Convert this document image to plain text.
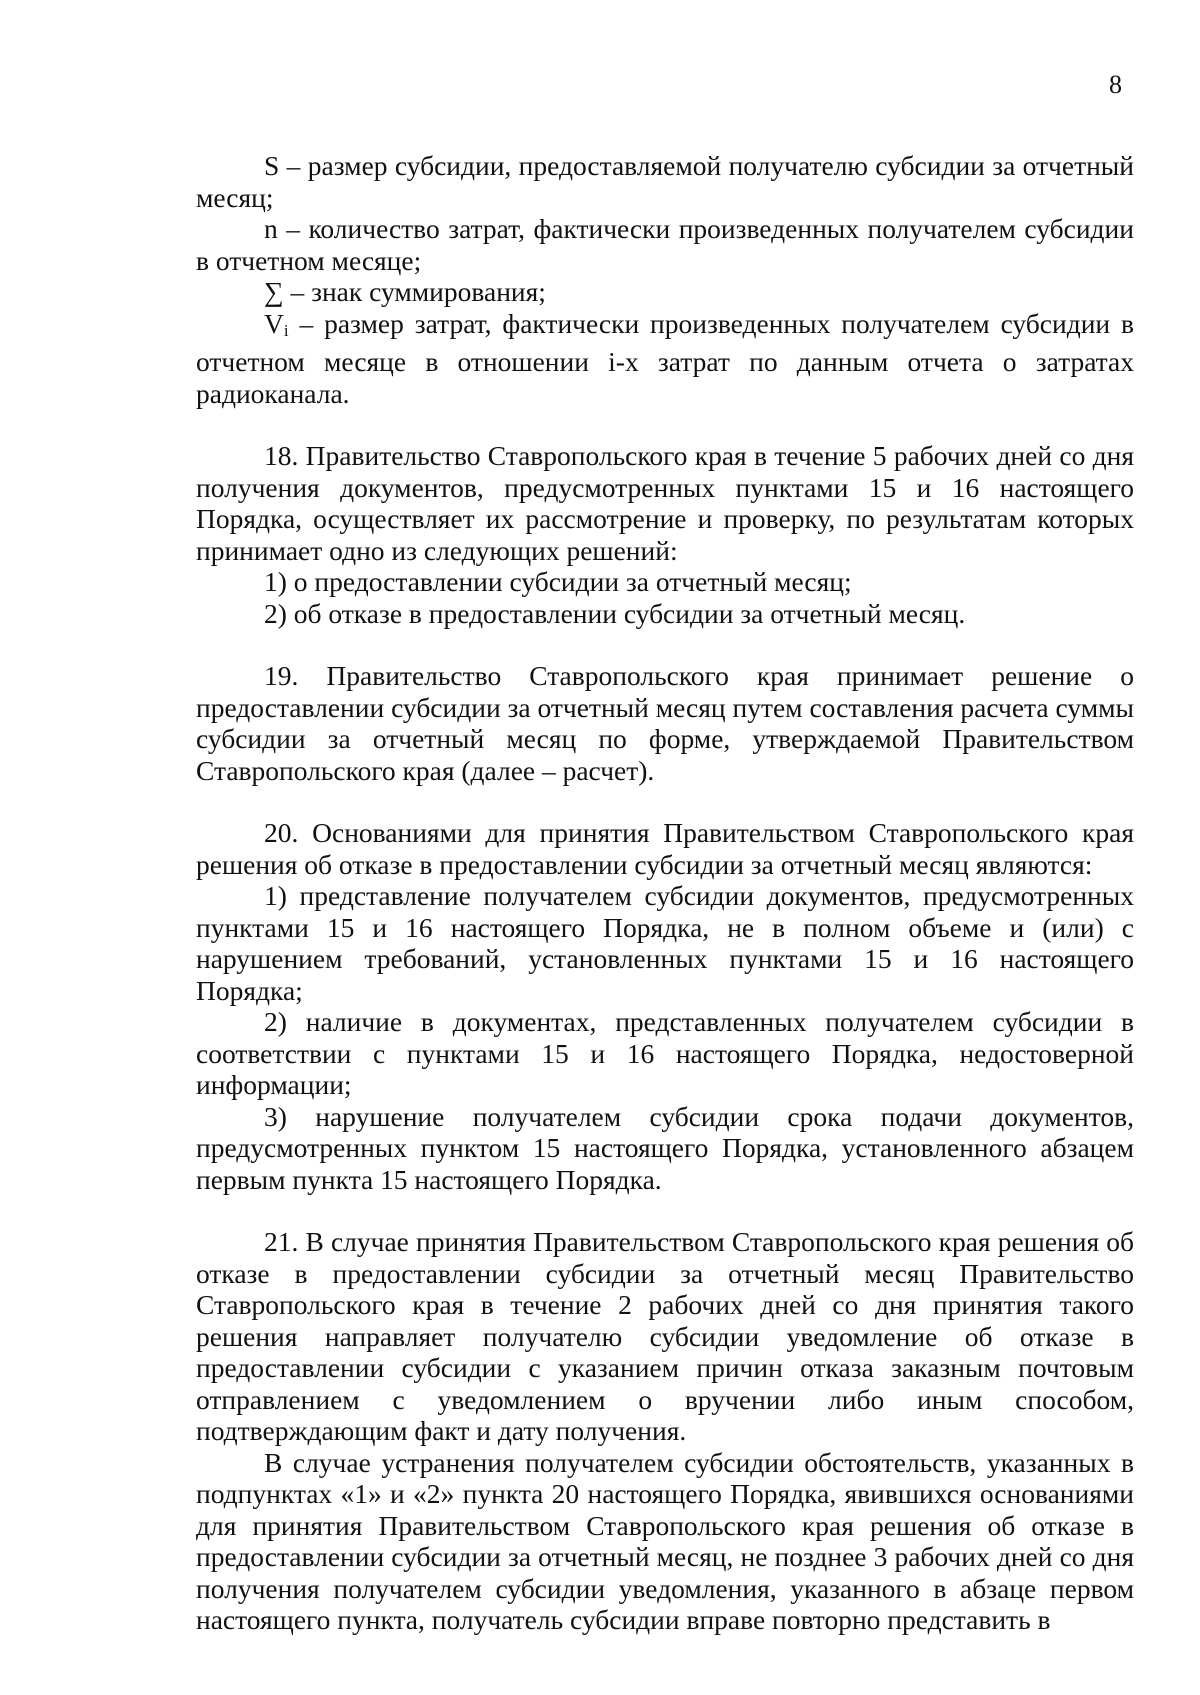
8

S – размер субсидии, предоставляемой получателю субсидии за отчетный месяц;

n – количество затрат, фактически произведенных получателем субсидии в отчетном месяце;

∑ – знак суммирования;

Vi – размер затрат, фактически произведенных получателем субсидии в отчетном месяце в отношении i-х затрат по данным отчета о затратах радиоканала.

18. Правительство Ставропольского края в течение 5 рабочих дней со дня получения документов, предусмотренных пунктами 15 и 16 настоящего Порядка, осуществляет их рассмотрение и проверку, по результатам которых принимает одно из следующих решений:

1) о предоставлении субсидии за отчетный месяц;

2) об отказе в предоставлении субсидии за отчетный месяц.

19. Правительство Ставропольского края принимает решение о предоставлении субсидии за отчетный месяц путем составления расчета суммы субсидии за отчетный месяц по форме, утверждаемой Правительством Ставропольского края (далее – расчет).

20. Основаниями для принятия Правительством Ставропольского края решения об отказе в предоставлении субсидии за отчетный месяц являются:

1) представление получателем субсидии документов, предусмотренных пунктами 15 и 16 настоящего Порядка, не в полном объеме и (или) с нарушением требований, установленных пунктами 15 и 16 настоящего Порядка;

2) наличие в документах, представленных получателем субсидии в соответствии с пунктами 15 и 16 настоящего Порядка, недостоверной информации;

3) нарушение получателем субсидии срока подачи документов, предусмотренных пунктом 15 настоящего Порядка, установленного абзацем первым пункта 15 настоящего Порядка.

21. В случае принятия Правительством Ставропольского края решения об отказе в предоставлении субсидии за отчетный месяц Правительство Ставропольского края в течение 2 рабочих дней со дня принятия такого решения направляет получателю субсидии уведомление об отказе в предоставлении субсидии с указанием причин отказа заказным почтовым отправлением с уведомлением о вручении либо иным способом, подтверждающим факт и дату получения.

В случае устранения получателем субсидии обстоятельств, указанных в подпунктах «1» и «2» пункта 20 настоящего Порядка, явившихся основаниями для принятия Правительством Ставропольского края решения об отказе в предоставлении субсидии за отчетный месяц, не позднее 3 рабочих дней со дня получения получателем субсидии уведомления, указанного в абзаце первом настоящего пункта, получатель субсидии вправе повторно представить в
